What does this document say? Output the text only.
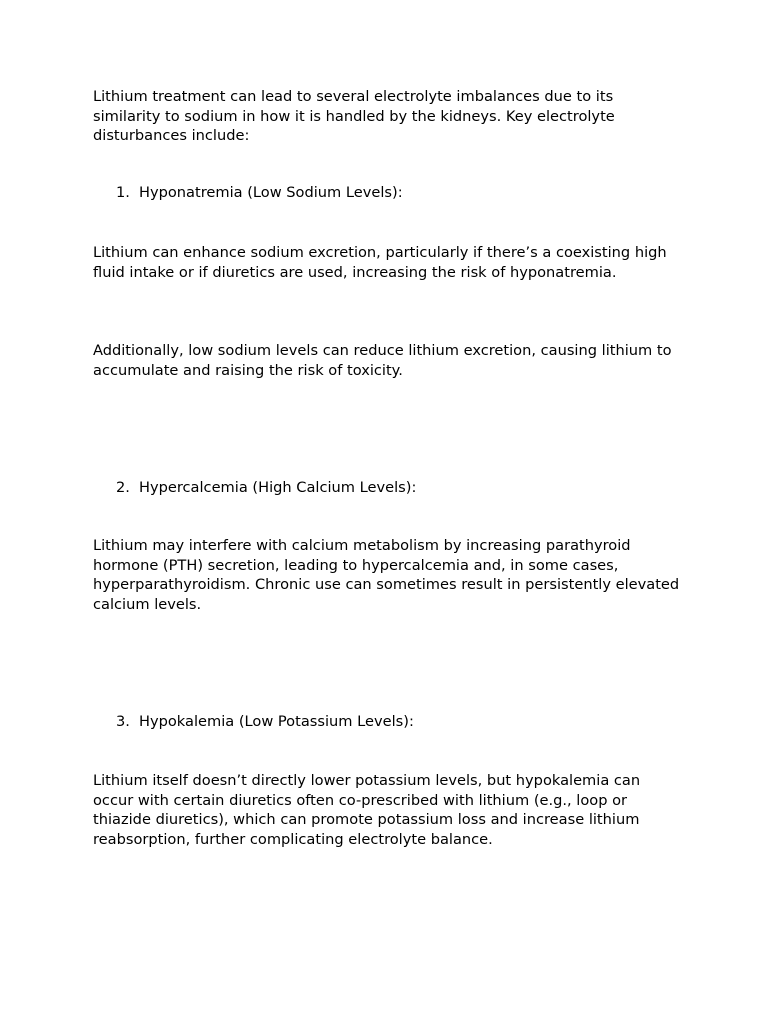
Lithium treatment can lead to several electrolyte imbalances due to its similarity to sodium in how it is handled by the kidneys. Key electrolyte disturbances include:

1. Hyponatremia (Low Sodium Levels):

Lithium can enhance sodium excretion, particularly if there’s a coexisting high fluid intake or if diuretics are used, increasing the risk of hyponatremia.

Additionally, low sodium levels can reduce lithium excretion, causing lithium to accumulate and raising the risk of toxicity.

2. Hypercalcemia (High Calcium Levels):

Lithium may interfere with calcium metabolism by increasing parathyroid hormone (PTH) secretion, leading to hypercalcemia and, in some cases, hyperparathyroidism. Chronic use can sometimes result in persistently elevated calcium levels.

3. Hypokalemia (Low Potassium Levels):

Lithium itself doesn’t directly lower potassium levels, but hypokalemia can occur with certain diuretics often co-prescribed with lithium (e.g., loop or thiazide diuretics), which can promote potassium loss and increase lithium reabsorption, further complicating electrolyte balance.
